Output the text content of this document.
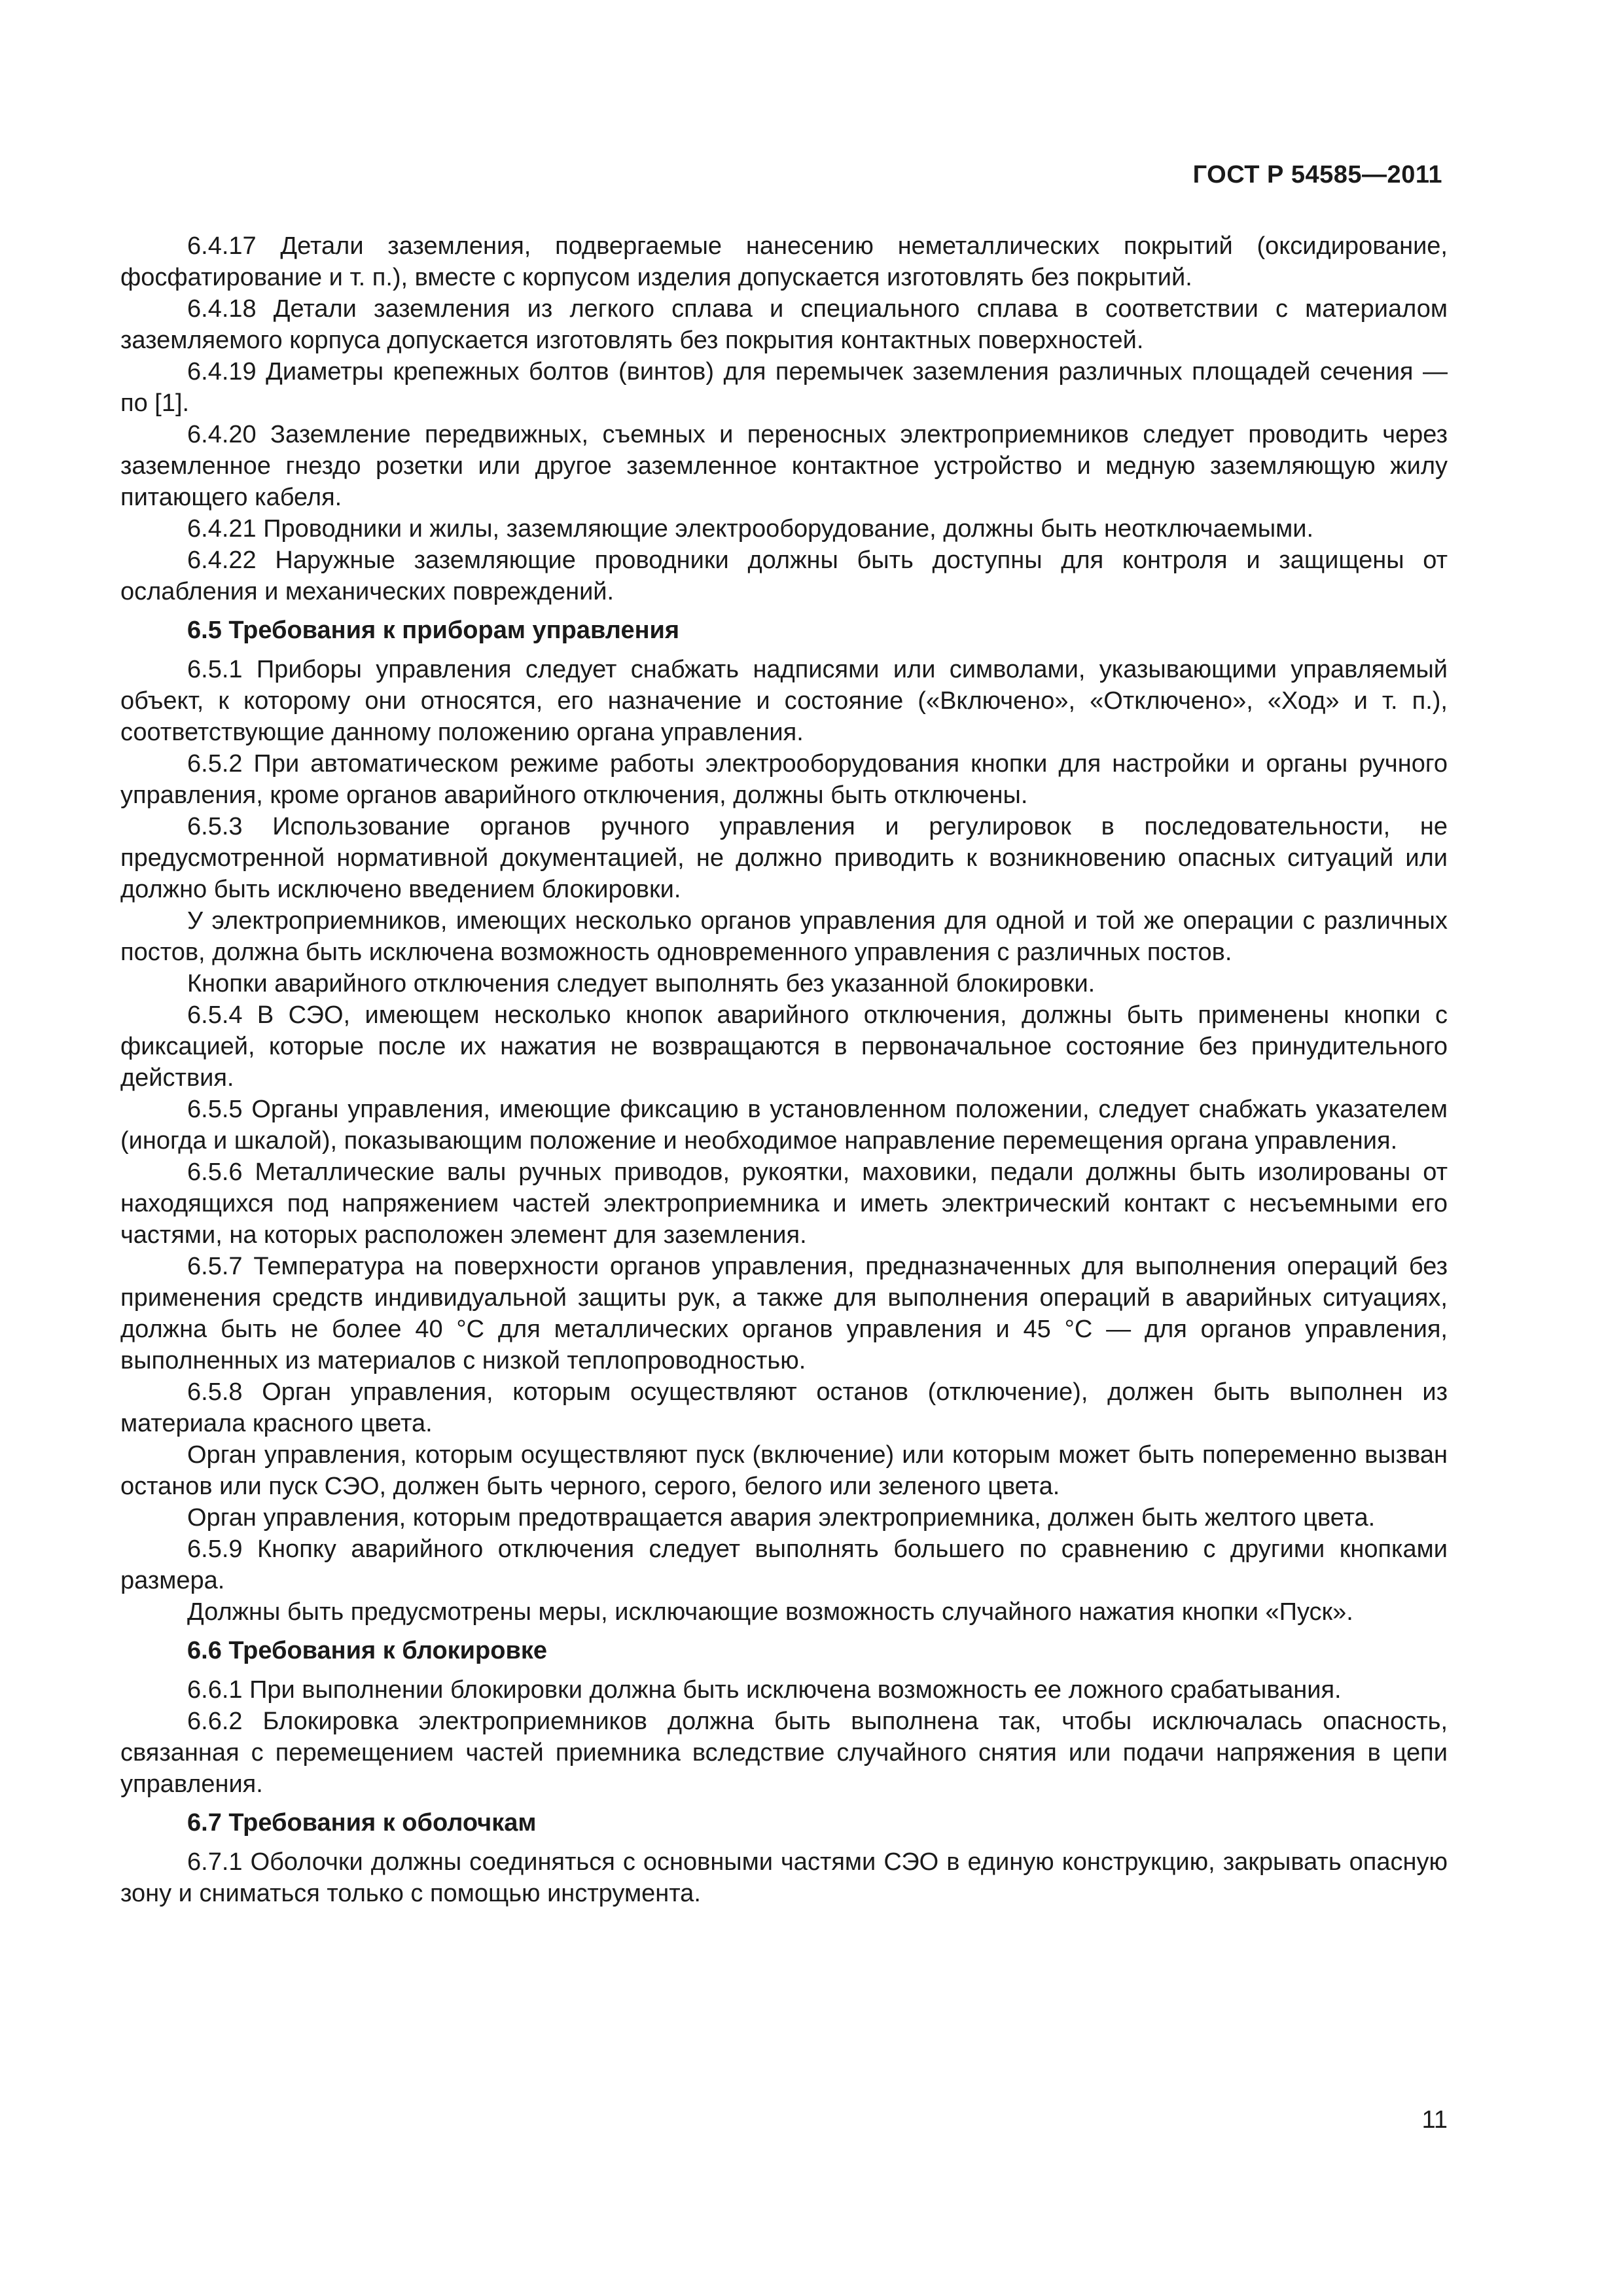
ГОСТ Р 54585—2011

6.4.17 Детали заземления, подвергаемые нанесению неметаллических покрытий (оксидирование, фосфатирование и т. п.), вместе с корпусом изделия допускается изготовлять без покрытий.

6.4.18 Детали заземления из легкого сплава и специального сплава в соответствии с материалом заземляемого корпуса допускается изготовлять без покрытия контактных поверхностей.

6.4.19 Диаметры крепежных болтов (винтов) для перемычек заземления различных площадей сечения — по [1].

6.4.20 Заземление передвижных, съемных и переносных электроприемников следует проводить через заземленное гнездо розетки или другое заземленное контактное устройство и медную заземляющую жилу питающего кабеля.

6.4.21 Проводники и жилы, заземляющие электрооборудование, должны быть неотключаемыми.

6.4.22 Наружные заземляющие проводники должны быть доступны для контроля и защищены от ослабления и механических повреждений.

6.5 Требования к приборам управления

6.5.1 Приборы управления следует снабжать надписями или символами, указывающими управляемый объект, к которому они относятся, его назначение и состояние («Включено», «Отключено», «Ход» и т. п.), соответствующие данному положению органа управления.

6.5.2 При автоматическом режиме работы электрооборудования кнопки для настройки и органы ручного управления, кроме органов аварийного отключения, должны быть отключены.

6.5.3 Использование органов ручного управления и регулировок в последовательности, не предусмотренной нормативной документацией, не должно приводить к возникновению опасных ситуаций или должно быть исключено введением блокировки.

У электроприемников, имеющих несколько органов управления для одной и той же операции с различных постов, должна быть исключена возможность одновременного управления с различных постов.

Кнопки аварийного отключения следует выполнять без указанной блокировки.

6.5.4 В СЭО, имеющем несколько кнопок аварийного отключения, должны быть применены кнопки с фиксацией, которые после их нажатия не возвращаются в первоначальное состояние без принудительного действия.

6.5.5 Органы управления, имеющие фиксацию в установленном положении, следует снабжать указателем (иногда и шкалой), показывающим положение и необходимое направление перемещения органа управления.

6.5.6 Металлические валы ручных приводов, рукоятки, маховики, педали должны быть изолированы от находящихся под напряжением частей электроприемника и иметь электрический контакт с несъемными его частями, на которых расположен элемент для заземления.

6.5.7 Температура на поверхности органов управления, предназначенных для выполнения операций без применения средств индивидуальной защиты рук, а также для выполнения операций в аварийных ситуациях, должна быть не более 40 °С для металлических органов управления и 45 °С — для органов управления, выполненных из материалов с низкой теплопроводностью.

6.5.8 Орган управления, которым осуществляют останов (отключение), должен быть выполнен из материала красного цвета.

Орган управления, которым осуществляют пуск (включение) или которым может быть попеременно вызван останов или пуск СЭО, должен быть черного, серого, белого или зеленого цвета.

Орган управления, которым предотвращается авария электроприемника, должен быть желтого цвета.

6.5.9 Кнопку аварийного отключения следует выполнять большего по сравнению с другими кнопками размера.

Должны быть предусмотрены меры, исключающие возможность случайного нажатия кнопки «Пуск».

6.6 Требования к блокировке

6.6.1 При выполнении блокировки должна быть исключена возможность ее ложного срабатывания.

6.6.2 Блокировка электроприемников должна быть выполнена так, чтобы исключалась опасность, связанная с перемещением частей приемника вследствие случайного снятия или подачи напряжения в цепи управления.

6.7 Требования к оболочкам

6.7.1 Оболочки должны соединяться с основными частями СЭО в единую конструкцию, закрывать опасную зону и сниматься только с помощью инструмента.

11
